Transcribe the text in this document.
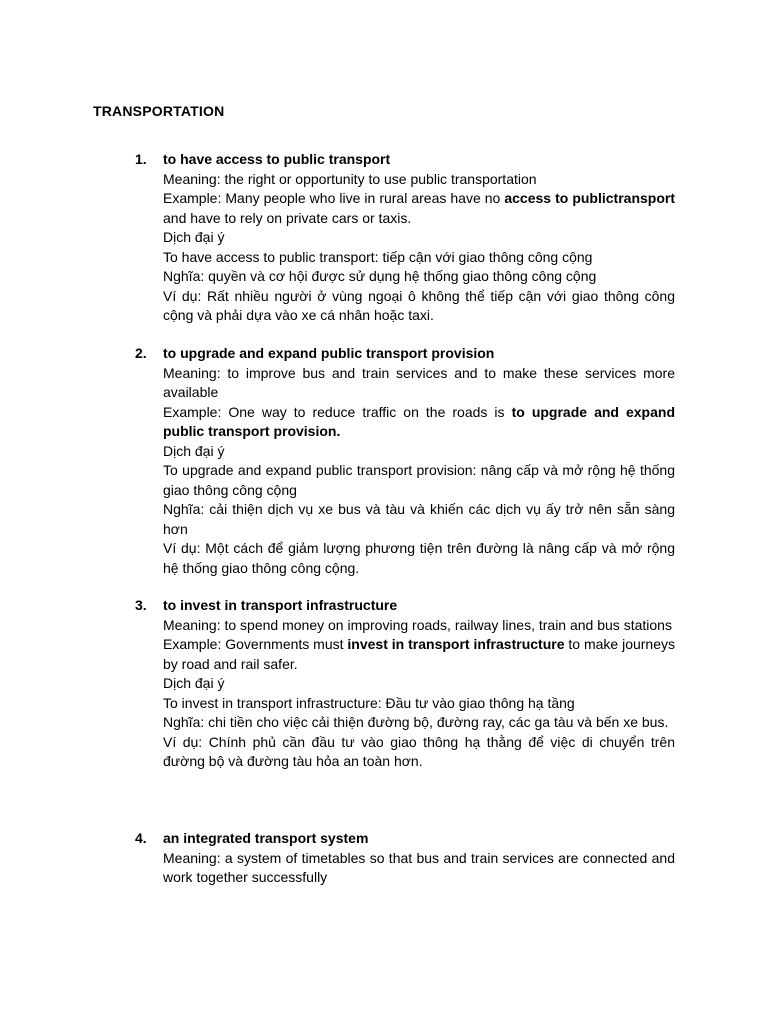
TRANSPORTATION
1.	to have access to public transport
Meaning: the right or opportunity to use public transportation
Example: Many people who live in rural areas have no access to publictransport and have to rely on private cars or taxis.
Dịch đại ý
To have access to public transport: tiếp cận với giao thông công cộng
Nghĩa: quyền và cơ hội được sử dụng hệ thống giao thông công cộng
Ví dụ: Rất nhiều người ở vùng ngoại ô không thể tiếp cận với giao thông công cộng và phải dựa vào xe cá nhân hoặc taxi.
2.	to upgrade and expand public transport provision
Meaning: to improve bus and train services and to make these services more available
Example: One way to reduce traffic on the roads is to upgrade and expand public transport provision.
Dịch đại ý
To upgrade and expand public transport provision: nâng cấp và mở rộng hệ thống giao thông công cộng
Nghĩa: cải thiện dịch vụ xe bus và tàu và khiến các dịch vụ ấy trở nên sẵn sàng hơn
Ví dụ: Một cách để giảm lượng phương tiện trên đường là nâng cấp và mở rộng hệ thống giao thông công cộng.
3.	to invest in transport infrastructure
Meaning: to spend money on improving roads, railway lines, train and bus stations
Example: Governments must invest in transport infrastructure to make journeys by road and rail safer.
Dịch đại ý
To invest in transport infrastructure: Đầu tư vào giao thông hạ tầng
Nghĩa: chi tiền cho việc cải thiện đường bộ, đường ray, các ga tàu và bến xe bus.
Ví dụ: Chính phủ cần đầu tư vào giao thông hạ thằng để việc di chuyển trên đường bộ và đường tàu hỏa an toàn hơn.
4.	an integrated transport system
Meaning: a system of timetables so that bus and train services are connected and work together successfully
